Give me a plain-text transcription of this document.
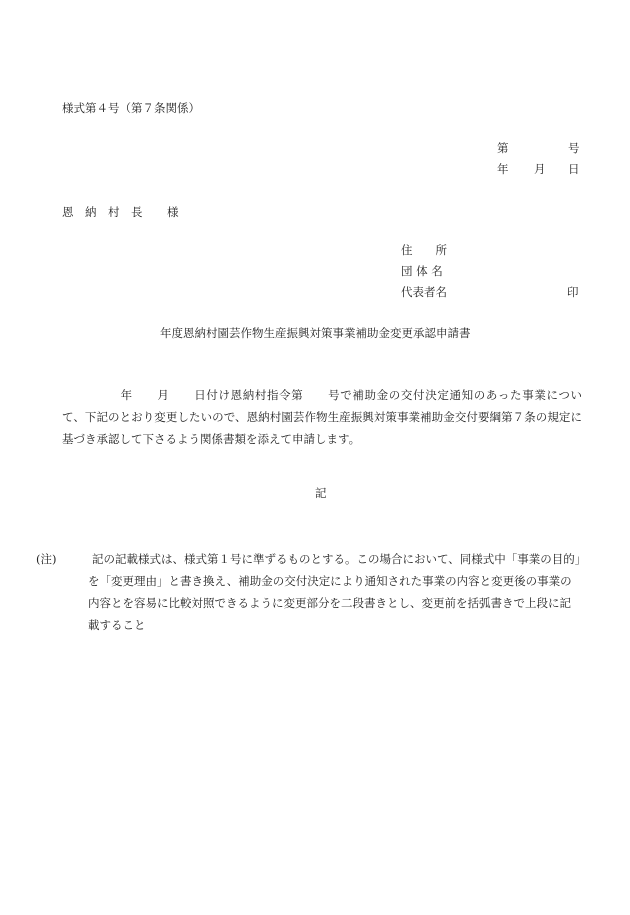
様式第４号（第７条関係）
第	号
年 月 日
恩　納　村　長 様
住　　所
団 体 名
代表者名	印
年度恩納村園芸作物生産振興対策事業補助金変更承認申請書
年 月 日付け恩納村指令第 号で補助金の交付決定通知のあった事業について、下記のとおり変更したいので、恩納村園芸作物生産振興対策事業補助金交付要綱第７条の規定に基づき承認して下さるよう関係書類を添えて申請します。
記
(注)	記の記載様式は、様式第１号に準ずるものとする。この場合において、同様式中「事業の目的」を「変更理由」と書き換え、補助金の交付決定により通知された事業の内容と変更後の事業の内容とを容易に比較対照できるように変更部分を二段書きとし、変更前を括弧書きで上段に記載すること
